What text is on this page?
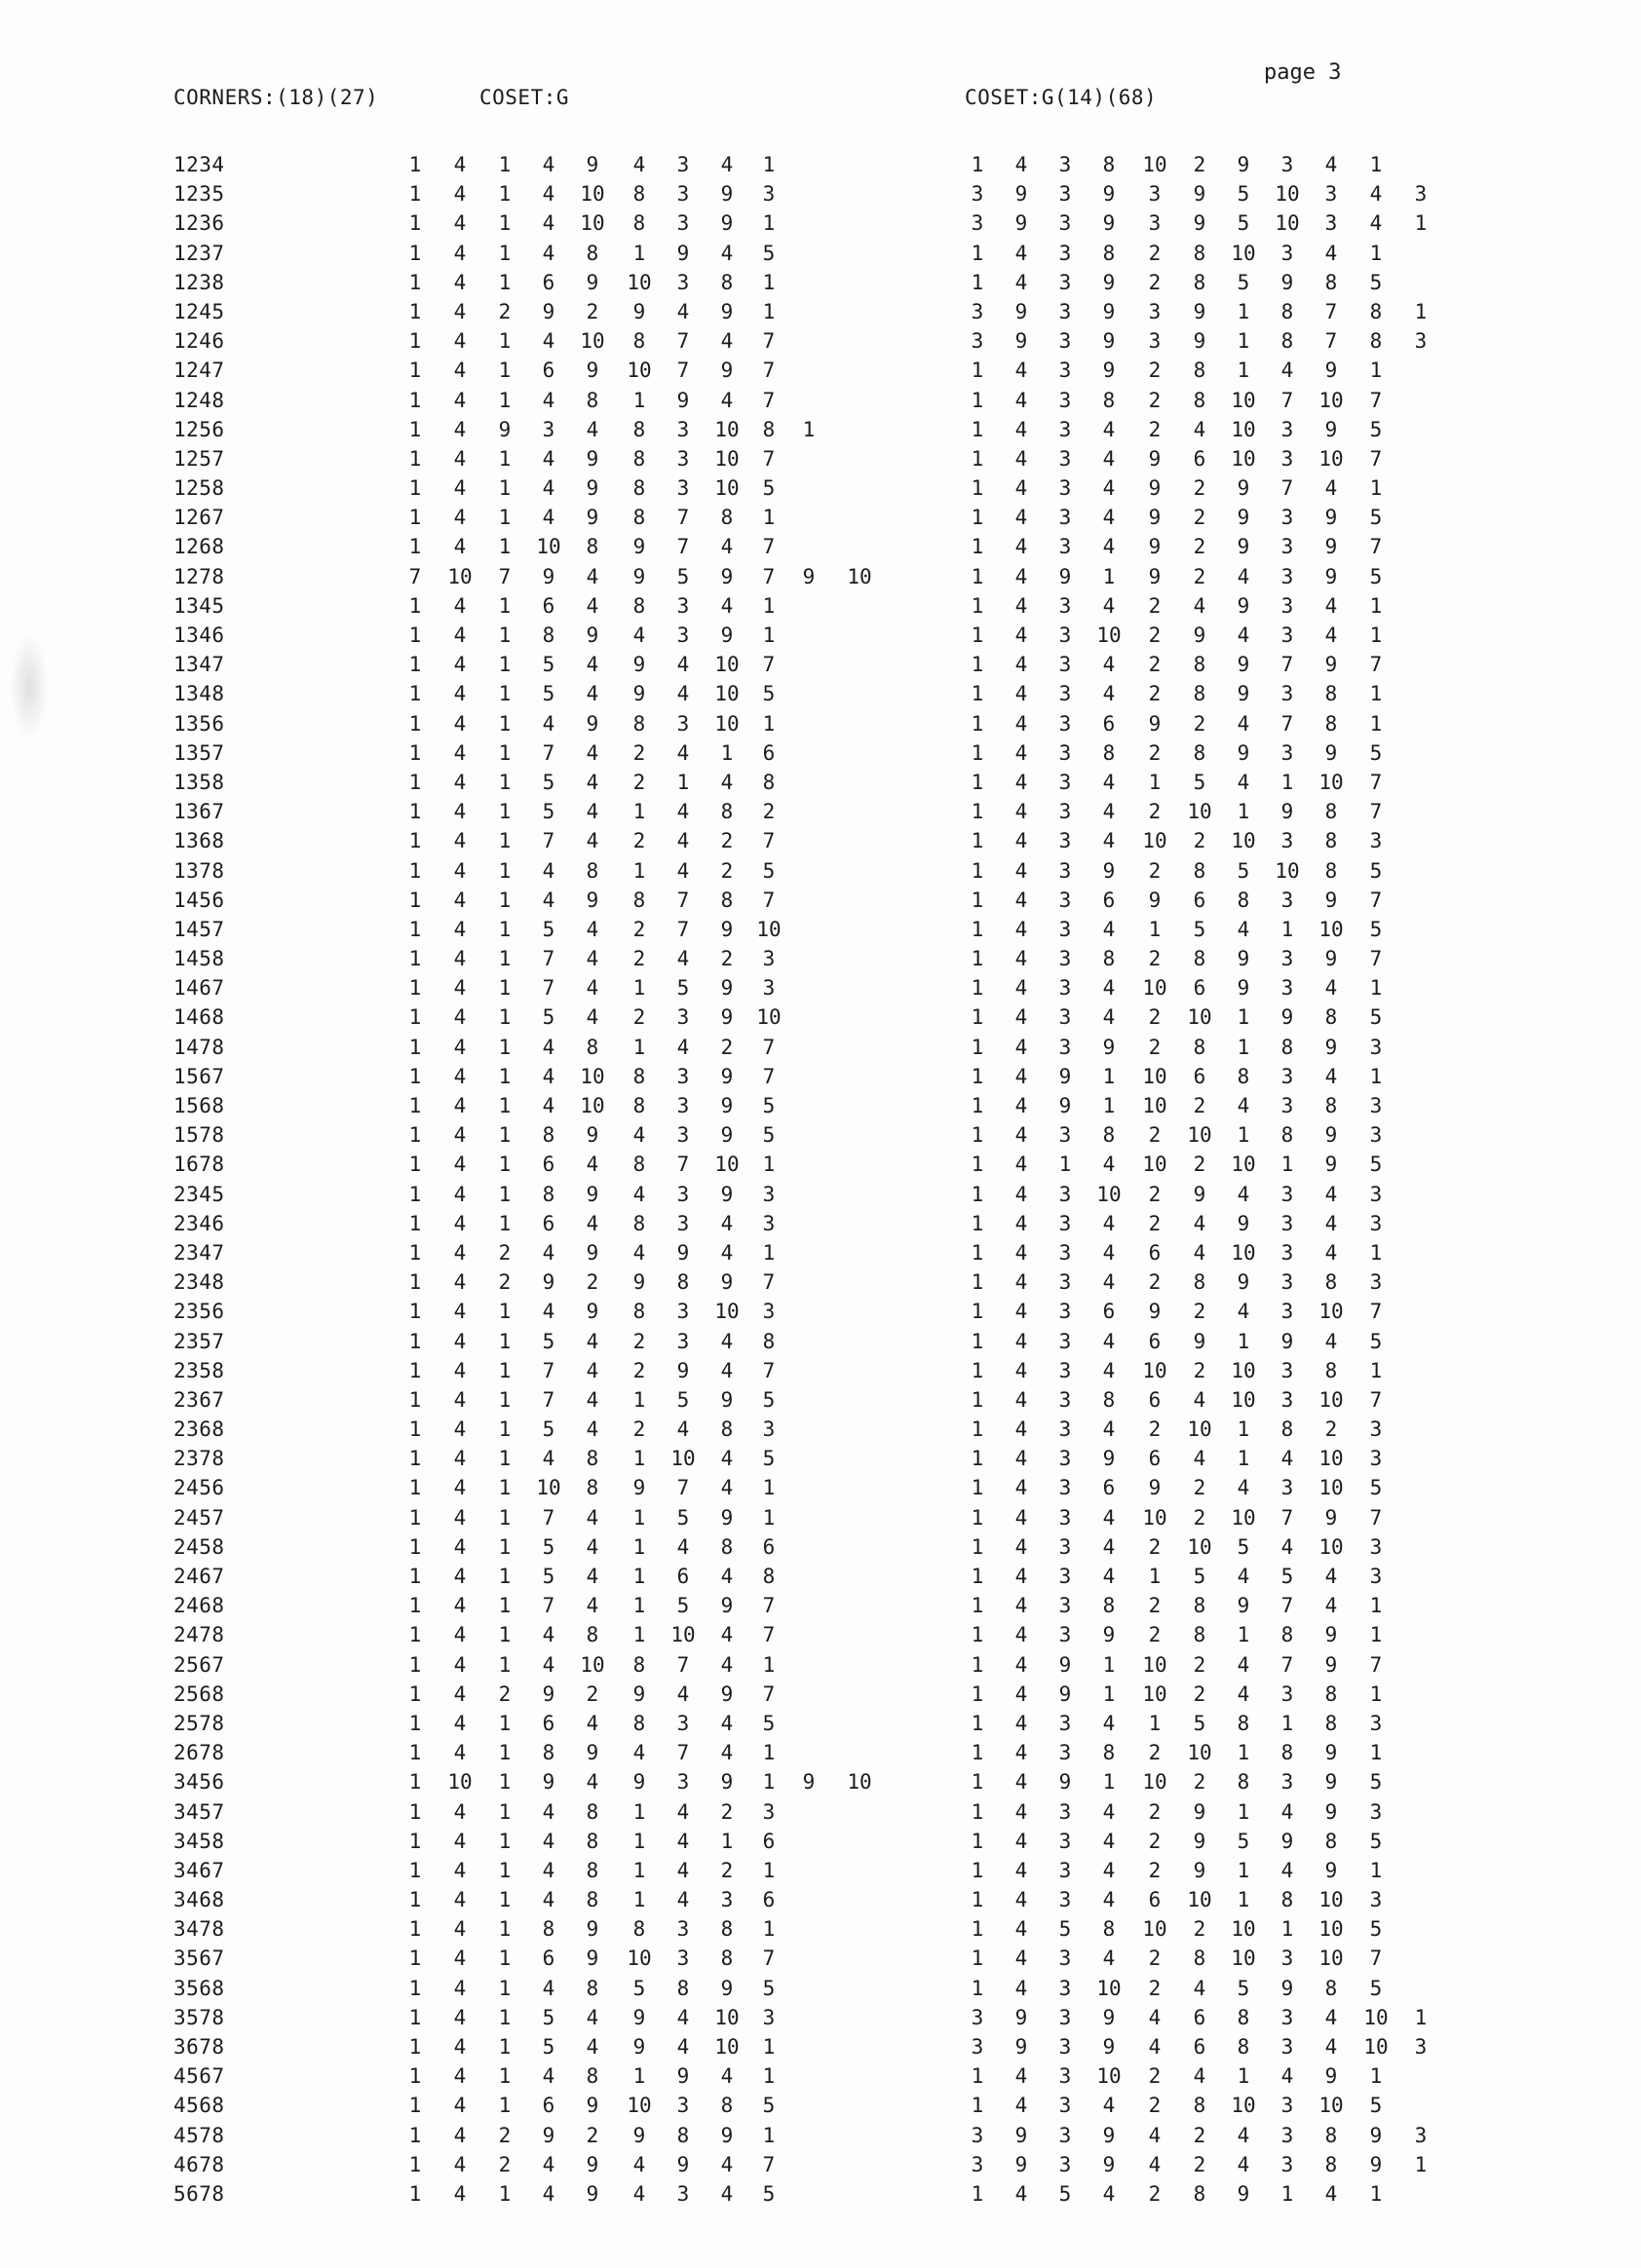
CORNERS:(18)(27)	COSET:G	COSET:G(14)(68)
page 3
1234	1	4	1	4	9	4	3	4	1	1	4	3	8	10	2	9	3	4	1
1235	1	4	1	4	10	8	3	9	3	3	9	3	9	3	9	5	10	3	4	3
1236	1	4	1	4	10	8	3	9	1	3	9	3	9	3	9	5	10	3	4	1
1237	1	4	1	4	8	1	9	4	5	1	4	3	8	2	8	10	3	4	1
1238	1	4	1	6	9	10	3	8	1	1	4	3	9	2	8	5	9	8	5
1245	1	4	2	9	2	9	4	9	1	3	9	3	9	3	9	1	8	7	8	1
1246	1	4	1	4	10	8	7	4	7	3	9	3	9	3	9	1	8	7	8	3
1247	1	4	1	6	9	10	7	9	7	1	4	3	9	2	8	1	4	9	1
1248	1	4	1	4	8	1	9	4	7	1	4	3	8	2	8	10	7	10	7
1256	1	4	9	3	4	8	3	10	8	1	1	4	3	4	2	4	10	3	9	5
1257	1	4	1	4	9	8	3	10	7	1	4	3	4	9	6	10	3	10	7
1258	1	4	1	4	9	8	3	10	5	1	4	3	4	9	2	9	7	4	1
1267	1	4	1	4	9	8	7	8	1	1	4	3	4	9	2	9	3	9	5
1268	1	4	1	10	8	9	7	4	7	1	4	3	4	9	2	9	3	9	7
1278	7	10	7	9	4	9	5	9	7	9	10	1	4	9	1	9	2	4	3	9	5
1345	1	4	1	6	4	8	3	4	1	1	4	3	4	2	4	9	3	4	1
1346	1	4	1	8	9	4	3	9	1	1	4	3	10	2	9	4	3	4	1
1347	1	4	1	5	4	9	4	10	7	1	4	3	4	2	8	9	7	9	7
1348	1	4	1	5	4	9	4	10	5	1	4	3	4	2	8	9	3	8	1
1356	1	4	1	4	9	8	3	10	1	1	4	3	6	9	2	4	7	8	1
1357	1	4	1	7	4	2	4	1	6	1	4	3	8	2	8	9	3	9	5
1358	1	4	1	5	4	2	1	4	8	1	4	3	4	1	5	4	1	10	7
1367	1	4	1	5	4	1	4	8	2	1	4	3	4	2	10	1	9	8	7
1368	1	4	1	7	4	2	4	2	7	1	4	3	4	10	2	10	3	8	3
1378	1	4	1	4	8	1	4	2	5	1	4	3	9	2	8	5	10	8	5
1456	1	4	1	4	9	8	7	8	7	1	4	3	6	9	6	8	3	9	7
1457	1	4	1	5	4	2	7	9	10	1	4	3	4	1	5	4	1	10	5
1458	1	4	1	7	4	2	4	2	3	1	4	3	8	2	8	9	3	9	7
1467	1	4	1	7	4	1	5	9	3	1	4	3	4	10	6	9	3	4	1
1468	1	4	1	5	4	2	3	9	10	1	4	3	4	2	10	1	9	8	5
1478	1	4	1	4	8	1	4	2	7	1	4	3	9	2	8	1	8	9	3
1567	1	4	1	4	10	8	3	9	7	1	4	9	1	10	6	8	3	4	1
1568	1	4	1	4	10	8	3	9	5	1	4	9	1	10	2	4	3	8	3
1578	1	4	1	8	9	4	3	9	5	1	4	3	8	2	10	1	8	9	3
1678	1	4	1	6	4	8	7	10	1	1	4	1	4	10	2	10	1	9	5
2345	1	4	1	8	9	4	3	9	3	1	4	3	10	2	9	4	3	4	3
2346	1	4	1	6	4	8	3	4	3	1	4	3	4	2	4	9	3	4	3
2347	1	4	2	4	9	4	9	4	1	1	4	3	4	6	4	10	3	4	1
2348	1	4	2	9	2	9	8	9	7	1	4	3	4	2	8	9	3	8	3
2356	1	4	1	4	9	8	3	10	3	1	4	3	6	9	2	4	3	10	7
2357	1	4	1	5	4	2	3	4	8	1	4	3	4	6	9	1	9	4	5
2358	1	4	1	7	4	2	9	4	7	1	4	3	4	10	2	10	3	8	1
2367	1	4	1	7	4	1	5	9	5	1	4	3	8	6	4	10	3	10	7
2368	1	4	1	5	4	2	4	8	3	1	4	3	4	2	10	1	8	2	3
2378	1	4	1	4	8	1	10	4	5	1	4	3	9	6	4	1	4	10	3
2456	1	4	1	10	8	9	7	4	1	1	4	3	6	9	2	4	3	10	5
2457	1	4	1	7	4	1	5	9	1	1	4	3	4	10	2	10	7	9	7
2458	1	4	1	5	4	1	4	8	6	1	4	3	4	2	10	5	4	10	3
2467	1	4	1	5	4	1	6	4	8	1	4	3	4	1	5	4	5	4	3
2468	1	4	1	7	4	1	5	9	7	1	4	3	8	2	8	9	7	4	1
2478	1	4	1	4	8	1	10	4	7	1	4	3	9	2	8	1	8	9	1
2567	1	4	1	4	10	8	7	4	1	1	4	9	1	10	2	4	7	9	7
2568	1	4	2	9	2	9	4	9	7	1	4	9	1	10	2	4	3	8	1
2578	1	4	1	6	4	8	3	4	5	1	4	3	4	1	5	8	1	8	3
2678	1	4	1	8	9	4	7	4	1	1	4	3	8	2	10	1	8	9	1
3456	1	10	1	9	4	9	3	9	1	9	10	1	4	9	1	10	2	8	3	9	5
3457	1	4	1	4	8	1	4	2	3	1	4	3	4	2	9	1	4	9	3
3458	1	4	1	4	8	1	4	1	6	1	4	3	4	2	9	5	9	8	5
3467	1	4	1	4	8	1	4	2	1	1	4	3	4	2	9	1	4	9	1
3468	1	4	1	4	8	1	4	3	6	1	4	3	4	6	10	1	8	10	3
3478	1	4	1	8	9	8	3	8	1	1	4	5	8	10	2	10	1	10	5
3567	1	4	1	6	9	10	3	8	7	1	4	3	4	2	8	10	3	10	7
3568	1	4	1	4	8	5	8	9	5	1	4	3	10	2	4	5	9	8	5
3578	1	4	1	5	4	9	4	10	3	3	9	3	9	4	6	8	3	4	10	1
3678	1	4	1	5	4	9	4	10	1	3	9	3	9	4	6	8	3	4	10	3
4567	1	4	1	4	8	1	9	4	1	1	4	3	10	2	4	1	4	9	1
4568	1	4	1	6	9	10	3	8	5	1	4	3	4	2	8	10	3	10	5
4578	1	4	2	9	2	9	8	9	1	3	9	3	9	4	2	4	3	8	9	3
4678	1	4	2	4	9	4	9	4	7	3	9	3	9	4	2	4	3	8	9	1
5678	1	4	1	4	9	4	3	4	5	1	4	5	4	2	8	9	1	4	1
